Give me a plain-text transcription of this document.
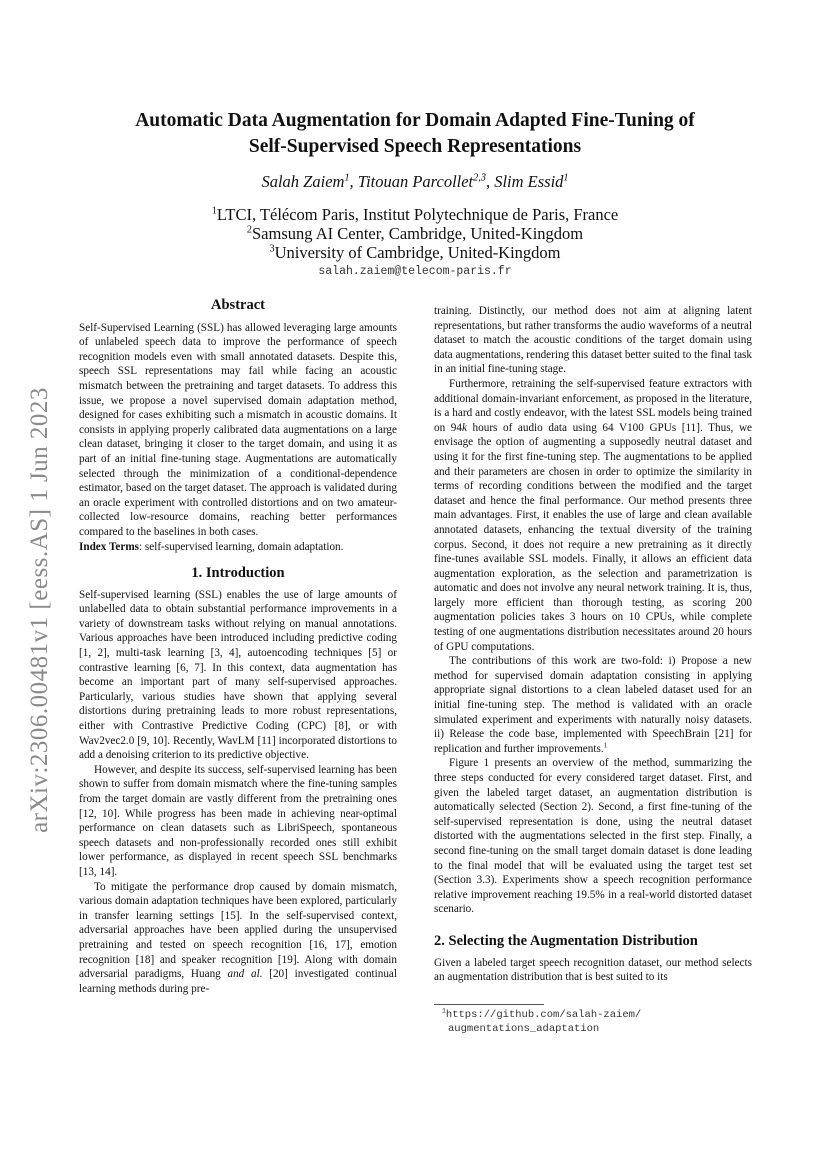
arXiv:2306.00481v1 [eess.AS] 1 Jun 2023
Automatic Data Augmentation for Domain Adapted Fine-Tuning of
Self-Supervised Speech Representations
Salah Zaiem$^1$, Titouan Parcollet$^{2,3}$, Slim Essid$^1$
$^1$LTCI, Télécom Paris, Institut Polytechnique de Paris, France
$^2$Samsung AI Center, Cambridge, United-Kingdom
$^3$University of Cambridge, United-Kingdom
salah.zaiem@telecom-paris.fr
Abstract

Self-Supervised Learning (SSL) has allowed leveraging large amounts of unlabeled speech data to improve the performance of speech recognition models even with small annotated datasets. Despite this, speech SSL representations may fail while facing an acoustic mismatch between the pretraining and target datasets. To address this issue, we propose a novel supervised domain adaptation method, designed for cases exhibiting such a mismatch in acoustic domains. It consists in applying properly calibrated data augmentations on a large clean dataset, bringing it closer to the target domain, and using it as part of an initial fine-tuning stage. Augmentations are automatically selected through the minimization of a conditional-dependence estimator, based on the target dataset. The approach is validated during an oracle experiment with controlled distortions and on two amateur-collected low-resource domains, reaching better performances compared to the baselines in both cases.

Index Terms: self-supervised learning, domain adaptation.

1. Introduction

Self-supervised learning (SSL) enables the use of large amounts of unlabelled data to obtain substantial performance improvements in a variety of downstream tasks without relying on manual annotations. Various approaches have been introduced including predictive coding [1, 2], multi-task learning [3, 4], autoencoding techniques [5] or contrastive learning [6, 7]. In this context, data augmentation has become an important part of many self-supervised approaches. Particularly, various studies have shown that applying several distortions during pretraining leads to more robust representations, either with Contrastive Predictive Coding (CPC) [8], or with Wav2vec2.0 [9, 10]. Recently, WavLM [11] incorporated distortions to add a denoising criterion to its predictive objective.

However, and despite its success, self-supervised learning has been shown to suffer from domain mismatch where the fine-tuning samples from the target domain are vastly different from the pretraining ones [12, 10]. While progress has been made in achieving near-optimal performance on clean datasets such as LibriSpeech, spontaneous speech datasets and non-professionally recorded ones still exhibit lower performance, as displayed in recent speech SSL benchmarks [13, 14].

To mitigate the performance drop caused by domain mismatch, various domain adaptation techniques have been explored, particularly in transfer learning settings [15]. In the self-supervised context, adversarial approaches have been applied during the unsupervised pretraining and tested on speech recognition [16, 17], emotion recognition [18] and speaker recognition [19]. Along with domain adversarial paradigms, Huang and al. [20] investigated continual learning methods during pre-

training. Distinctly, our method does not aim at aligning latent representations, but rather transforms the audio waveforms of a neutral dataset to match the acoustic conditions of the target domain using data augmentations, rendering this dataset better suited to the final task in an initial fine-tuning stage.

Furthermore, retraining the self-supervised feature extractors with additional domain-invariant enforcement, as proposed in the literature, is a hard and costly endeavor, with the latest SSL models being trained on 94k hours of audio data using 64 V100 GPUs [11]. Thus, we envisage the option of augmenting a supposedly neutral dataset and using it for the first fine-tuning step. The augmentations to be applied and their parameters are chosen in order to optimize the similarity in terms of recording conditions between the modified and the target dataset and hence the final performance. Our method presents three main advantages. First, it enables the use of large and clean available annotated datasets, enhancing the textual diversity of the training corpus. Second, it does not require a new pretraining as it directly fine-tunes available SSL models. Finally, it allows an efficient data augmentation exploration, as the selection and parametrization is automatic and does not involve any neural network training. It is, thus, largely more efficient than thorough testing, as scoring 200 augmentation policies takes 3 hours on 10 CPUs, while complete testing of one augmentations distribution necessitates around 20 hours of GPU computations.

The contributions of this work are two-fold: i) Propose a new method for supervised domain adaptation consisting in applying appropriate signal distortions to a clean labeled dataset used for an initial fine-tuning step. The method is validated with an oracle simulated experiment and experiments with naturally noisy datasets. ii) Release the code base, implemented with SpeechBrain [21] for replication and further improvements.$^1$

Figure 1 presents an overview of the method, summarizing the three steps conducted for every considered target dataset. First, and given the labeled target dataset, an augmentation distribution is automatically selected (Section 2). Second, a first fine-tuning of the self-supervised representation is done, using the neutral dataset distorted with the augmentations selected in the first step. Finally, a second fine-tuning on the small target domain dataset is done leading to the final model that will be evaluated using the target test set (Section 3.3). Experiments show a speech recognition performance relative improvement reaching 19.5% in a real-world distorted dataset scenario.

2. Selecting the Augmentation Distribution

Given a labeled target speech recognition dataset, our method selects an augmentation distribution that is best suited to its

$^1$https://github.com/salah-zaiem/
augmentations_adaptation
